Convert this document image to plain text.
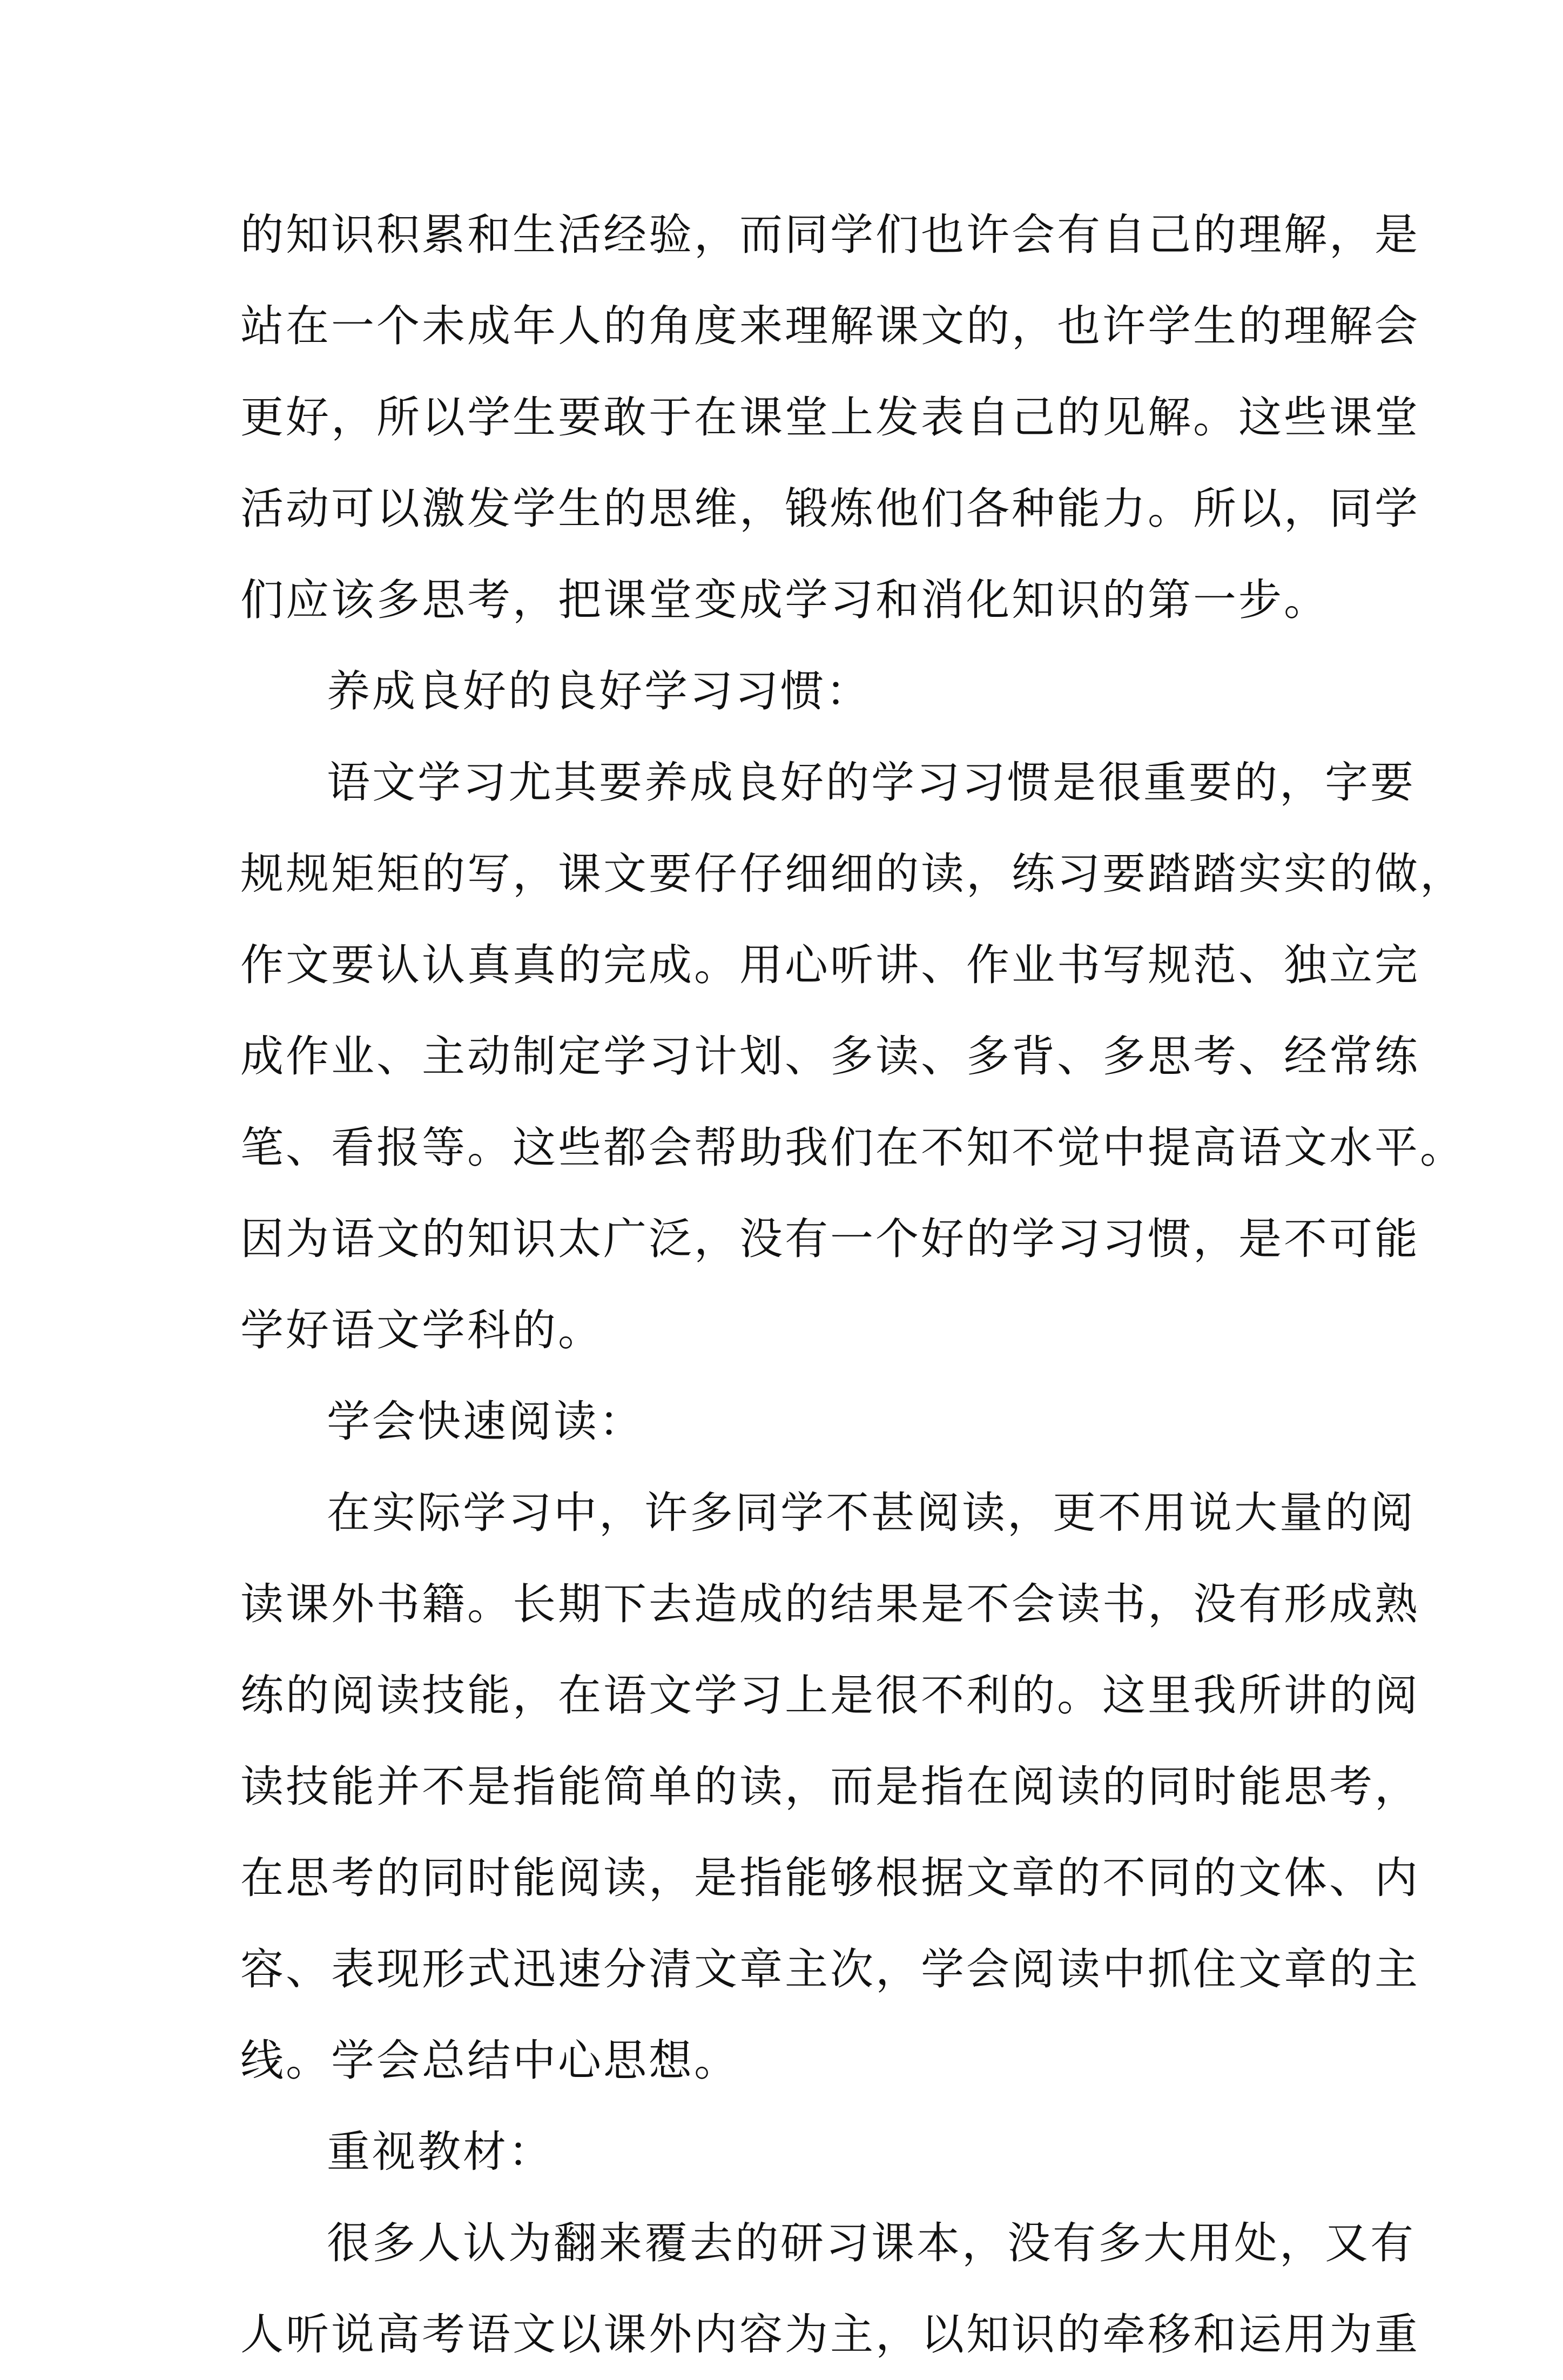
的知识积累和生活经验，而同学们也许会有自己的理解，是
站在一个未成年人的角度来理解课文的，也许学生的理解会
更好，所以学生要敢于在课堂上发表自己的见解。这些课堂
活动可以激发学生的思维，锻炼他们各种能力。所以，同学
们应该多思考，把课堂变成学习和消化知识的第一步。
养成良好的良好学习习惯：
语文学习尤其要养成良好的学习习惯是很重要的，字要
规规矩矩的写，课文要仔仔细细的读，练习要踏踏实实的做，
作文要认认真真的完成。用心听讲、作业书写规范、独立完
成作业、主动制定学习计划、多读、多背、多思考、经常练
笔、看报等。这些都会帮助我们在不知不觉中提高语文水平。
因为语文的知识太广泛，没有一个好的学习习惯，是不可能
学好语文学科的。
学会快速阅读：
在实际学习中，许多同学不甚阅读，更不用说大量的阅
读课外书籍。长期下去造成的结果是不会读书，没有形成熟
练的阅读技能，在语文学习上是很不利的。这里我所讲的阅
读技能并不是指能简单的读，而是指在阅读的同时能思考，
在思考的同时能阅读，是指能够根据文章的不同的文体、内
容、表现形式迅速分清文章主次，学会阅读中抓住文章的主
线。学会总结中心思想。
重视教材：
很多人认为翻来覆去的研习课本，没有多大用处，又有
人听说高考语文以课外内容为主，以知识的牵移和运用为重
